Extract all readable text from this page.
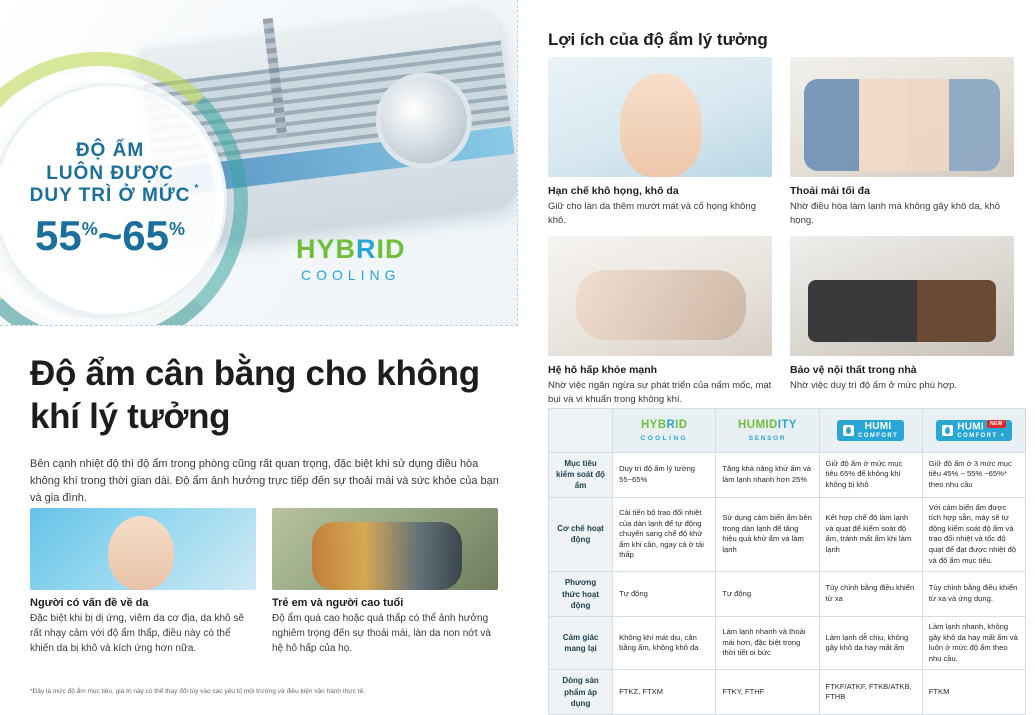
ĐỘ ẨM
LUÔN ĐƯỢC
DUY TRÌ Ở MỨC *
55%~65%
HYBRID
COOLING
Độ ẩm cân bằng cho không khí lý tưởng
Bên cạnh nhiệt độ thì độ ẩm trong phòng cũng rất quan trọng, đặc biệt khi sử dụng điều hòa không khí trong thời gian dài. Độ ẩm ảnh hưởng trực tiếp đến sự thoải mái và sức khỏe của bạn và gia đình.
Người có vấn đề về da
Đặc biệt khi bị dị ứng, viêm da cơ địa, da khô sẽ rất nhạy cảm với độ ẩm thấp, điều này có thể khiến da bị khô và kích ứng hơn nữa.
Trẻ em và người cao tuổi
Độ ẩm quá cao hoặc quá thấp có thể ảnh hưởng nghiêm trọng đến sự thoải mái, làn da non nớt và hệ hô hấp của họ.
*Đây là mức độ ẩm mục tiêu, giá trị này có thể thay đổi tùy vào các yếu tố môi trường và điều kiện vận hành thực tế.
Lợi ích của độ ẩm lý tưởng
Hạn chế khô họng, khô da
Giữ cho làn da thêm mướt mát và cổ họng không khô.
Thoải mái tối đa
Nhờ điều hòa làm lạnh mà không gây khô da, khô họng.
Hệ hô hấp khỏe mạnh
Nhờ việc ngăn ngừa sự phát triển của nấm mốc, mạt bụi và vi khuẩn trong không khí.
Bảo vệ nội thất trong nhà
Nhờ việc duy trì độ ẩm ở mức phù hợp.

HYBRID
COOLING

HUMIDITY
SENSOR

HUMI
COMFORT

HUMI $^{NEW}$
COMFORT +

Mục tiêu kiểm soát độ ẩm	Duy trì độ ẩm lý tưởng 55~65%	Tăng khả năng khử ẩm và làm lạnh nhanh hơn 25%	Giữ độ ẩm ở mức mục tiêu 65% để không khí không bị khô	Giữ độ ẩm ở 3 mức mục tiêu 45% ~ 55% ~65%* theo nhu cầu
Cơ chế hoạt động	Cải tiến bộ trao đổi nhiệt của dàn lạnh để tự động chuyển sang chế độ khử ẩm khi cần, ngay cả ở tải thấp	Sử dụng cảm biến ẩm bên trong dàn lạnh để tăng hiệu quả khử ẩm và làm lạnh	Kết hợp chế độ làm lạnh và quạt để kiểm soát độ ẩm, tránh mất ẩm khi làm lạnh	Với cảm biến ẩm được tích hợp sẵn, máy sẽ tự động kiểm soát độ ẩm và trao đổi nhiệt và tốc độ quạt để đạt được nhiệt độ và độ ẩm mục tiêu.
Phương thức hoạt động	Tự động	Tự động	Tùy chỉnh bằng điều khiển từ xa	Tùy chỉnh bằng điều khiển từ xa và ứng dụng.
Cảm giác mang lại	Không khí mát dịu, cân bằng ẩm, không khô da	Làm lạnh nhanh và thoải mái hơn, đặc biệt trong thời tiết oi bức	Làm lạnh dễ chịu, không gây khô da hay mất ẩm	Làm lạnh nhanh, không gây khô da hay mất ẩm và luôn ở mức độ ẩm theo nhu cầu.
Dòng sản phẩm áp dụng	FTKZ, FTXM	FTKY, FTHF	FTKF/ATKF, FTKB/ATKB, FTHB	FTKM
